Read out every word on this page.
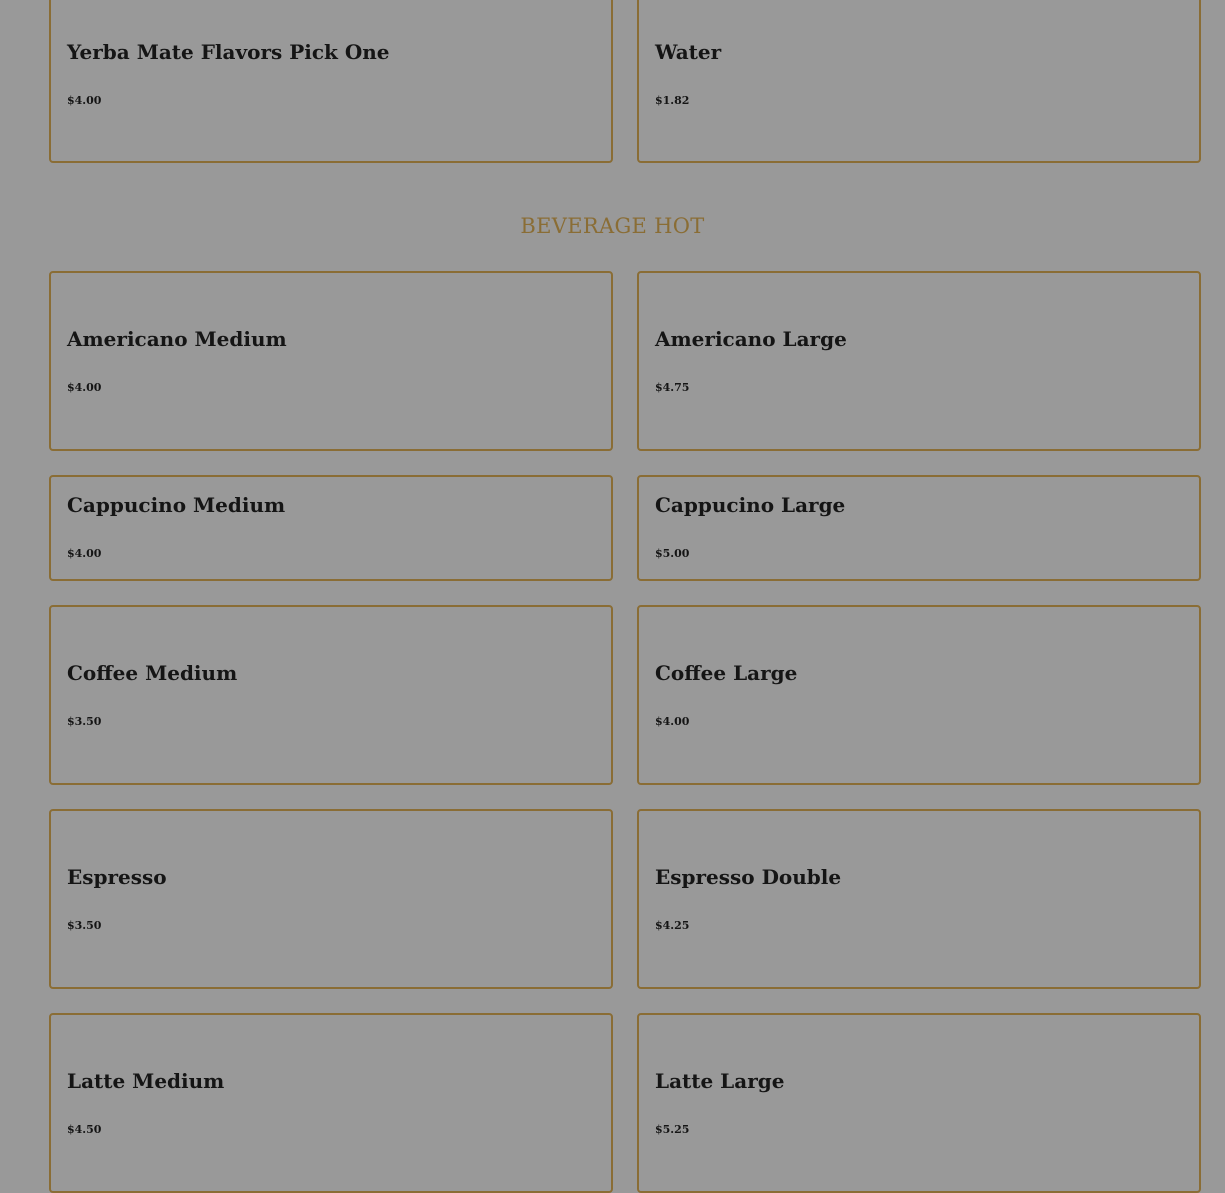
Yerba Mate Flavors Pick One
$4.00
Water
$1.82
BEVERAGE HOT
Americano Medium
$4.00
Americano Large
$4.75
Cappucino Medium
$4.00
Cappucino Large
$5.00
Coffee Medium
$3.50
Coffee Large
$4.00
Espresso
$3.50
Espresso Double
$4.25
Latte Medium
$4.50
Latte Large
$5.25
